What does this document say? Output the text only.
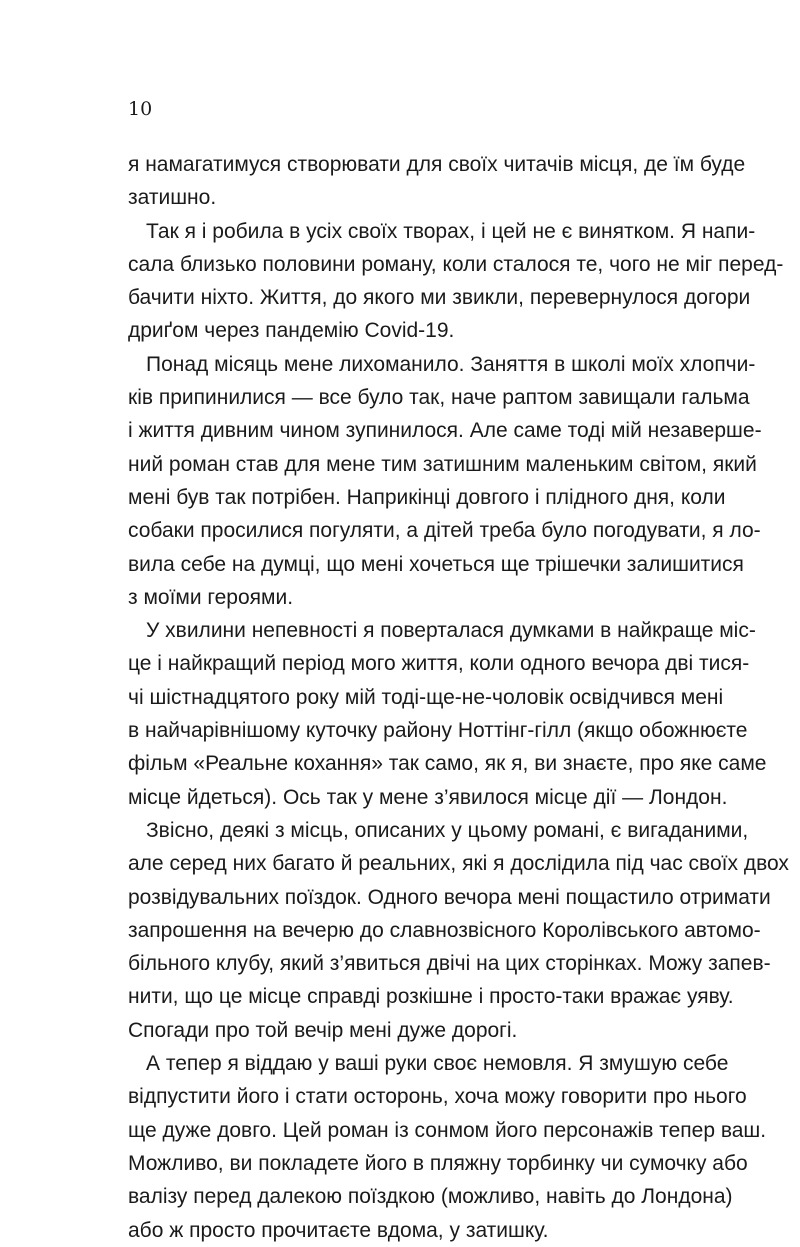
10
я намагатимуся створювати для своїх читачів місця, де їм буде
затишно.
Так я і робила в усіх своїх творах, і цей не є винятком. Я напи-
сала близько половини роману, коли сталося те, чого не міг перед-
бачити ніхто. Життя, до якого ми звикли, перевернулося догори
дриґом через пандемію Covid-19.
Понад місяць мене лихоманило. Заняття в школі моїх хлопчи-
ків припинилися — все було так, наче раптом завищали гальма
і життя дивним чином зупинилося. Але саме тоді мій незаверше-
ний роман став для мене тим затишним маленьким світом, який
мені був так потрібен. Наприкінці довгого і плідного дня, коли
собаки просилися погуляти, а дітей треба було погодувати, я ло-
вила себе на думці, що мені хочеться ще трішечки залишитися
з моїми героями.
У хвилини непевності я поверталася думками в найкраще міс-
це і найкращий період мого життя, коли одного вечора дві тися-
чі шістнадцятого року мій тоді-ще-не-чоловік освідчився мені
в найчарівнішому куточку району Ноттінг-гілл (якщо обожнюєте
фільм «Реальне кохання» так само, як я, ви знаєте, про яке саме
місце йдеться). Ось так у мене з’явилося місце дії — Лондон.
Звісно, деякі з місць, описаних у цьому романі, є вигаданими,
але серед них багато й реальних, які я дослідила під час своїх двох
розвідувальних поїздок. Одного вечора мені пощастило отримати
запрошення на вечерю до славнозвісного Королівського автомо-
більного клубу, який з’явиться двічі на цих сторінках. Можу запев-
нити, що це місце справді розкішне і просто-таки вражає уяву.
Спогади про той вечір мені дуже дорогі.
А тепер я віддаю у ваші руки своє немовля. Я змушую себе
відпустити його і стати осторонь, хоча можу говорити про нього
ще дуже довго. Цей роман із сонмом його персонажів тепер ваш.
Можливо, ви покладете його в пляжну торбинку чи сумочку або
валізу перед далекою поїздкою (можливо, навіть до Лондона)
або ж просто прочитаєте вдома, у затишку.
